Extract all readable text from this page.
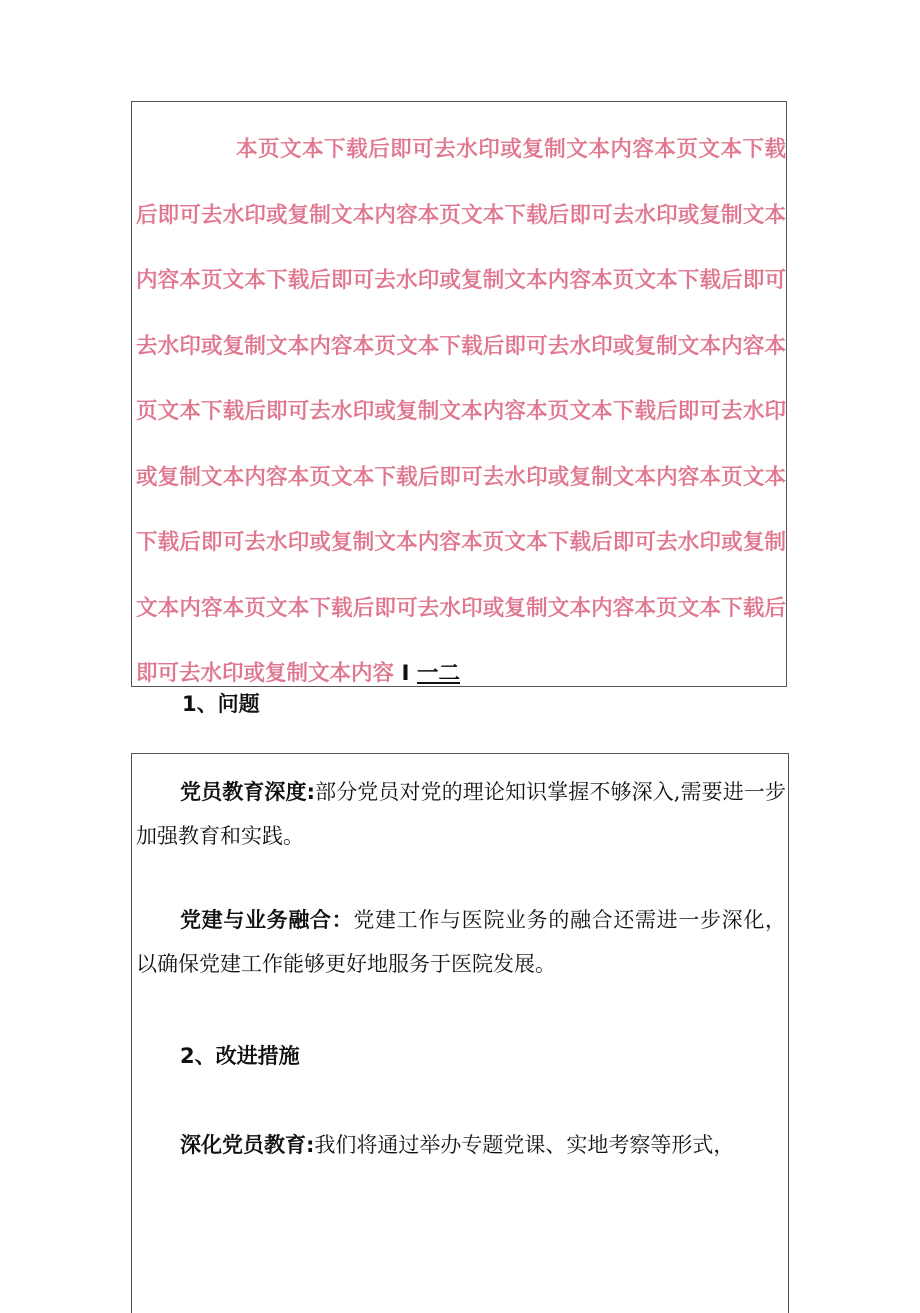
本页文本下载后即可去水印或复制文本内容本页文本下载后即可去水印或复制文本内容本页文本下载后即可去水印或复制文本内容本页文本下载后即可去水印或复制文本内容本页文本下载后即可去水印或复制文本内容本页文本下载后即可去水印或复制文本内容本页文本下载后即可去水印或复制文本内容本页文本下载后即可去水印或复制文本内容本页文本下载后即可去水印或复制文本内容本页文本下载后即可去水印或复制文本内容本页文本下载后即可去水印或复制文本内容本页文本下载后即可去水印或复制文本内容本页文本下载后即可去水印或复制文本内容 I 一二

1、问题

党员教育深度:部分党员对党的理论知识掌握不够深入,需要进一步加强教育和实践。

党建与业务融合：党建工作与医院业务的融合还需进一步深化，以确保党建工作能够更好地服务于医院发展。

2、改进措施

深化党员教育:我们将通过举办专题党课、实地考察等形式，
